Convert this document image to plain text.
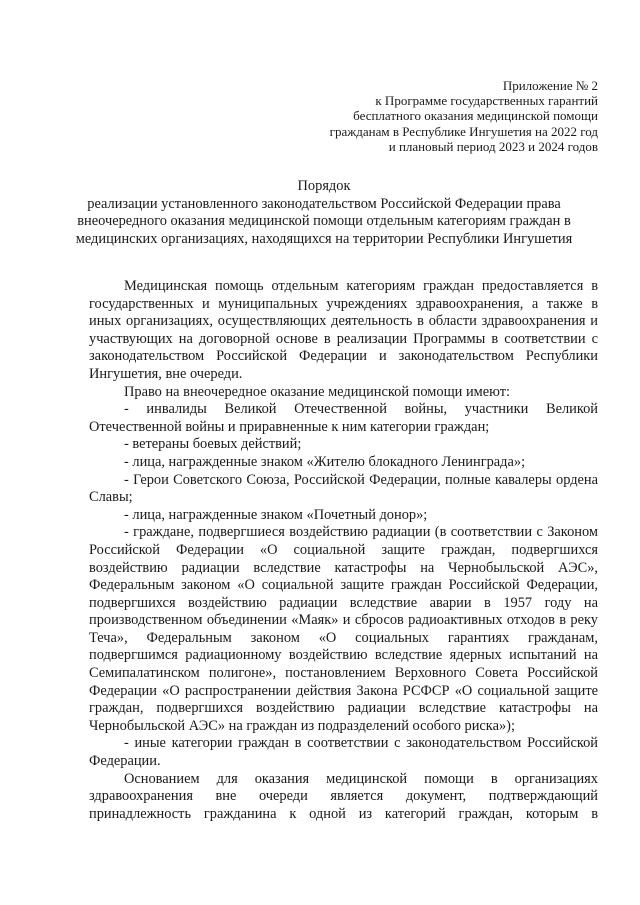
Приложение № 2
к Программе государственных гарантий
бесплатного оказания медицинской помощи
гражданам в Республике Ингушетия на 2022 год
и плановый период 2023 и 2024 годов
Порядок
реализации установленного законодательством Российской Федерации права
внеочередного оказания медицинской помощи отдельным категориям граждан в
медицинских организациях, находящихся на территории Республики Ингушетия

Медицинская помощь отдельным категориям граждан предоставляется в государственных и муниципальных учреждениях здравоохранения, а также в иных организациях, осуществляющих деятельность в области здравоохранения и участвующих на договорной основе в реализации Программы в соответствии с законодательством Российской Федерации и законодательством Республики Ингушетия, вне очереди.

Право на внеочередное оказание медицинской помощи имеют:

- инвалиды Великой Отечественной войны, участники Великой Отечественной войны и приравненные к ним категории граждан;

- ветераны боевых действий;

- лица, награжденные знаком «Жителю блокадного Ленинграда»;

- Герои Советского Союза, Российской Федерации, полные кавалеры ордена Славы;

- лица, награжденные знаком «Почетный донор»;

- граждане, подвергшиеся воздействию радиации (в соответствии с Законом Российской Федерации «О социальной защите граждан, подвергшихся воздействию радиации вследствие катастрофы на Чернобыльской АЭС», Федеральным законом «О социальной защите граждан Российской Федерации, подвергшихся воздействию радиации вследствие аварии в 1957 году на производственном объединении «Маяк» и сбросов радиоактивных отходов в реку Теча», Федеральным законом «О социальных гарантиях гражданам, подвергшимся радиационному воздействию вследствие ядерных испытаний на Семипалатинском полигоне», постановлением Верховного Совета Российской Федерации «О распространении действия Закона РСФСР «О социальной защите граждан, подвергшихся воздействию радиации вследствие катастрофы на Чернобыльской АЭС» на граждан из подразделений особого риска»);

- иные категории граждан в соответствии с законодательством Российской Федерации.

Основанием для оказания медицинской помощи в организациях здравоохранения вне очереди является документ, подтверждающий принадлежность гражданина к одной из категорий граждан, которым в
